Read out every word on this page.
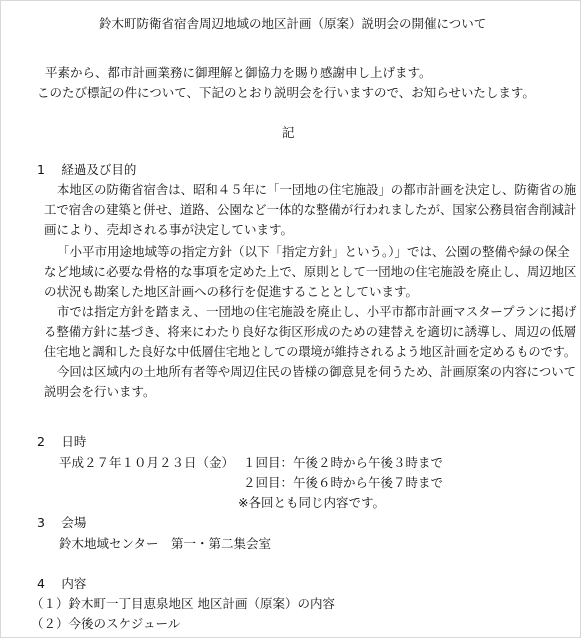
鈴木町防衛省宿舎周辺地域の地区計画（原案）説明会の開催について
平素から、都市計画業務に御理解と御協力を賜り感謝申し上げます。
このたび標記の件について、下記のとおり説明会を行いますので、お知らせいたします。
記
1　 経過及び目的
本地区の防衛省宿舎は、昭和４５年に「一団地の住宅施設」の都市計画を決定し、防衛省の施
工で宿舎の建築と併せ、道路、公園など一体的な整備が行われましたが、国家公務員宿舎削減計
画により、売却される事が決定しています。
「小平市用途地域等の指定方針（以下「指定方針」という。）」では、公園の整備や緑の保全
など地域に必要な骨格的な事項を定めた上で、原則として一団地の住宅施設を廃止し、周辺地区
の状況も勘案した地区計画への移行を促進することとしています。
市では指定方針を踏まえ、一団地の住宅施設を廃止し、小平市都市計画マスタープランに掲げ
る整備方針に基づき、将来にわたり良好な街区形成のための建替えを適切に誘導し、周辺の低層
住宅地と調和した良好な中低層住宅地としての環境が維持されるよう地区計画を定めるものです。
今回は区域内の土地所有者等や周辺住民の皆様の御意見を伺うため、計画原案の内容について
説明会を行います。
2　 日時
平成２７年１０月２３日（金） １回目：午後２時から午後３時まで
２回目：午後６時から午後７時まで
※各回とも同じ内容です。
3　 会場
鈴木地域センター　第一・第二集会室
4　 内容
（１）鈴木町一丁目恵泉地区 地区計画（原案）の内容
（２）今後のスケジュール
